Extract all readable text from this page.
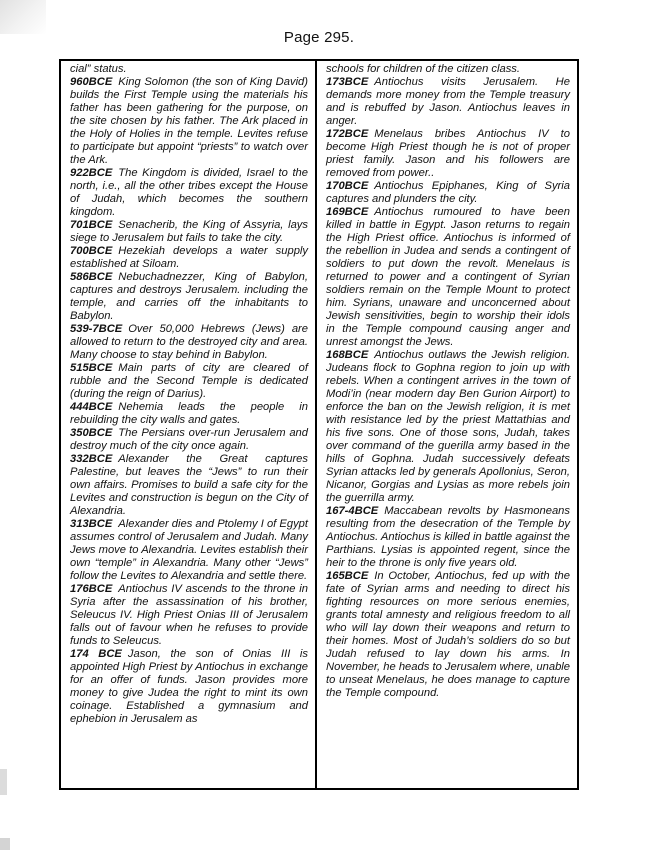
Page 295.

cial” status.

960BCE King Solomon (the son of King David) builds the First Temple using the materials his father has been gathering for the purpose, on the site chosen by his father. The Ark placed in the Holy of Holies in the temple. Levites refuse to participate but appoint “priests” to watch over the Ark.

922BCE The Kingdom is divided, Israel to the north, i.e., all the other tribes except the House of Judah, which becomes the southern kingdom.

701BCE Senacherib, the King of Assyria, lays siege to Jerusalem but fails to take the city.

700BCE Hezekiah develops a water supply established at Siloam.

586BCE Nebuchadnezzer, King of Babylon, captures and destroys Jerusalem. including the temple, and carries off the inhabitants to Babylon.

539-7BCE Over 50,000 Hebrews (Jews) are allowed to return to the destroyed city and area. Many choose to stay behind in Babylon.

515BCE Main parts of city are cleared of rubble and the Second Temple is dedicated (during the reign of Darius).

444BCE Nehemia leads the people in rebuilding the city walls and gates.

350BCE The Persians over-run Jerusalem and destroy much of the city once again.

332BCE Alexander the Great captures Palestine, but leaves the “Jews” to run their own affairs. Promises to build a safe city for the Levites and construction is begun on the City of Alexandria.

313BCE Alexander dies and Ptolemy I of Egypt assumes control of Jerusalem and Judah. Many Jews move to Alexandria. Levites establish their own “temple” in Alexandria. Many other “Jews” follow the Levites to Alexandria and settle there.

176BCE Antiochus IV ascends to the throne in Syria after the assassination of his brother, Seleucus IV. High Priest Onias III of Jerusalem falls out of favour when he refuses to provide funds to Seleucus.

174 BCE Jason, the son of Onias III is appointed High Priest by Antiochus in exchange for an offer of funds. Jason provides more money to give Judea the right to mint its own coinage. Established a gymnasium and ephebion in Jerusalem as

schools for children of the citizen class.

173BCE Antiochus visits Jerusalem. He demands more money from the Temple treasury and is rebuffed by Jason. Antiochus leaves in anger.

172BCE Menelaus bribes Antiochus IV to become High Priest though he is not of proper priest family. Jason and his followers are removed from power..

170BCE Antiochus Epiphanes, King of Syria captures and plunders the city.

169BCE Antiochus rumoured to have been killed in battle in Egypt. Jason returns to regain the High Priest office. Antiochus is informed of the rebellion in Judea and sends a contingent of soldiers to put down the revolt. Menelaus is returned to power and a contingent of Syrian soldiers remain on the Temple Mount to protect him. Syrians, unaware and unconcerned about Jewish sensitivities, begin to worship their idols in the Temple compound causing anger and unrest amongst the Jews.

168BCE Antiochus outlaws the Jewish religion. Judeans flock to Gophna region to join up with rebels. When a contingent arrives in the town of Modi’in (near modern day Ben Gurion Airport) to enforce the ban on the Jewish religion, it is met with resistance led by the priest Mattathias and his five sons. One of those sons, Judah, takes over command of the guerilla army based in the hills of Gophna. Judah successively defeats Syrian attacks led by generals Apollonius, Seron, Nicanor, Gorgias and Lysias as more rebels join the guerrilla army.

167-4BCE Maccabean revolts by Hasmoneans resulting from the desecration of the Temple by Antiochus. Antiochus is killed in battle against the Parthians. Lysias is appointed regent, since the heir to the throne is only five years old.

165BCE In October, Antiochus, fed up with the fate of Syrian arms and needing to direct his fighting resources on more serious enemies, grants total amnesty and religious freedom to all who will lay down their weapons and return to their homes. Most of Judah’s soldiers do so but Judah refused to lay down his arms. In November, he heads to Jerusalem where, unable to unseat Menelaus, he does manage to capture the Temple compound.
